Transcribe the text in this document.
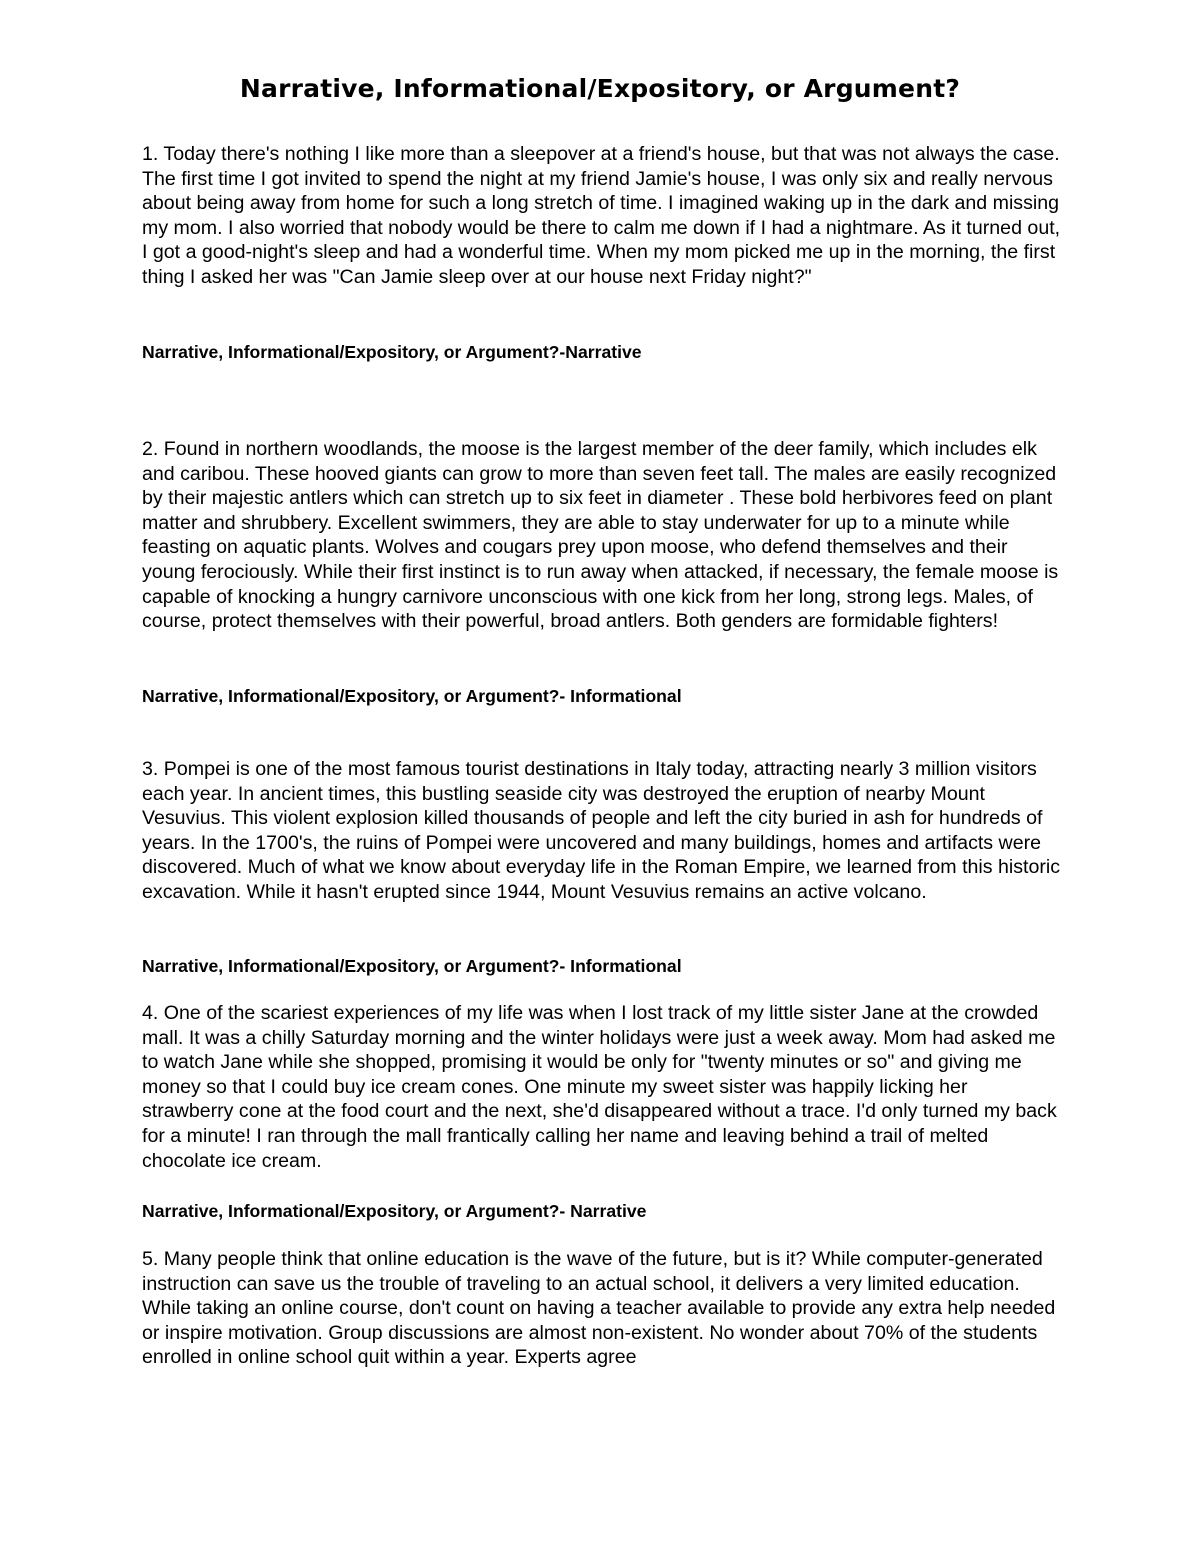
Narrative, Informational/Expository, or Argument?

1. Today there's nothing I like more than a sleepover at a friend's house, but that was not always the case. The first time I got invited to spend the night at my friend Jamie's house, I was only six and really nervous about being away from home for such a long stretch of time. I imagined waking up in the dark and missing my mom. I also worried that nobody would be there to calm me down if I had a nightmare. As it turned out, I got a good-night's sleep and had a wonderful time. When my mom picked me up in the morning, the first thing I asked her was "Can Jamie sleep over at our house next Friday night?"

Narrative, Informational/Expository, or Argument?-Narrative

2. Found in northern woodlands, the moose is the largest member of the deer family, which includes elk and caribou. These hooved giants can grow to more than seven feet tall. The males are easily recognized by their majestic antlers which can stretch up to six feet in diameter . These bold herbivores feed on plant matter and shrubbery. Excellent swimmers, they are able to stay underwater for up to a minute while feasting on aquatic plants. Wolves and cougars prey upon moose, who defend themselves and their young ferociously. While their first instinct is to run away when attacked, if necessary, the female moose is capable of knocking a hungry carnivore unconscious with one kick from her long, strong legs. Males, of course, protect themselves with their powerful, broad antlers. Both genders are formidable fighters!

Narrative, Informational/Expository, or Argument?- Informational

3. Pompei is one of the most famous tourist destinations in Italy today, attracting nearly 3 million visitors each year. In ancient times, this bustling seaside city was destroyed the eruption of nearby Mount Vesuvius. This violent explosion killed thousands of people and left the city buried in ash for hundreds of years. In the 1700's, the ruins of Pompei were uncovered and many buildings, homes and artifacts were discovered. Much of what we know about everyday life in the Roman Empire, we learned from this historic excavation. While it hasn't erupted since 1944, Mount Vesuvius remains an active volcano.

Narrative, Informational/Expository, or Argument?- Informational

4. One of the scariest experiences of my life was when I lost track of my little sister Jane at the crowded mall. It was a chilly Saturday morning and the winter holidays were just a week away. Mom had asked me to watch Jane while she shopped, promising it would be only for "twenty minutes or so" and giving me money so that I could buy ice cream cones. One minute my sweet sister was happily licking her strawberry cone at the food court and the next, she'd disappeared without a trace. I'd only turned my back for a minute! I ran through the mall frantically calling her name and leaving behind a trail of melted chocolate ice cream.

Narrative, Informational/Expository, or Argument?- Narrative

5. Many people think that online education is the wave of the future, but is it? While computer-generated instruction can save us the trouble of traveling to an actual school, it delivers a very limited education. While taking an online course, don't count on having a teacher available to provide any extra help needed or inspire motivation. Group discussions are almost non-existent. No wonder about 70% of the students enrolled in online school quit within a year. Experts agree
